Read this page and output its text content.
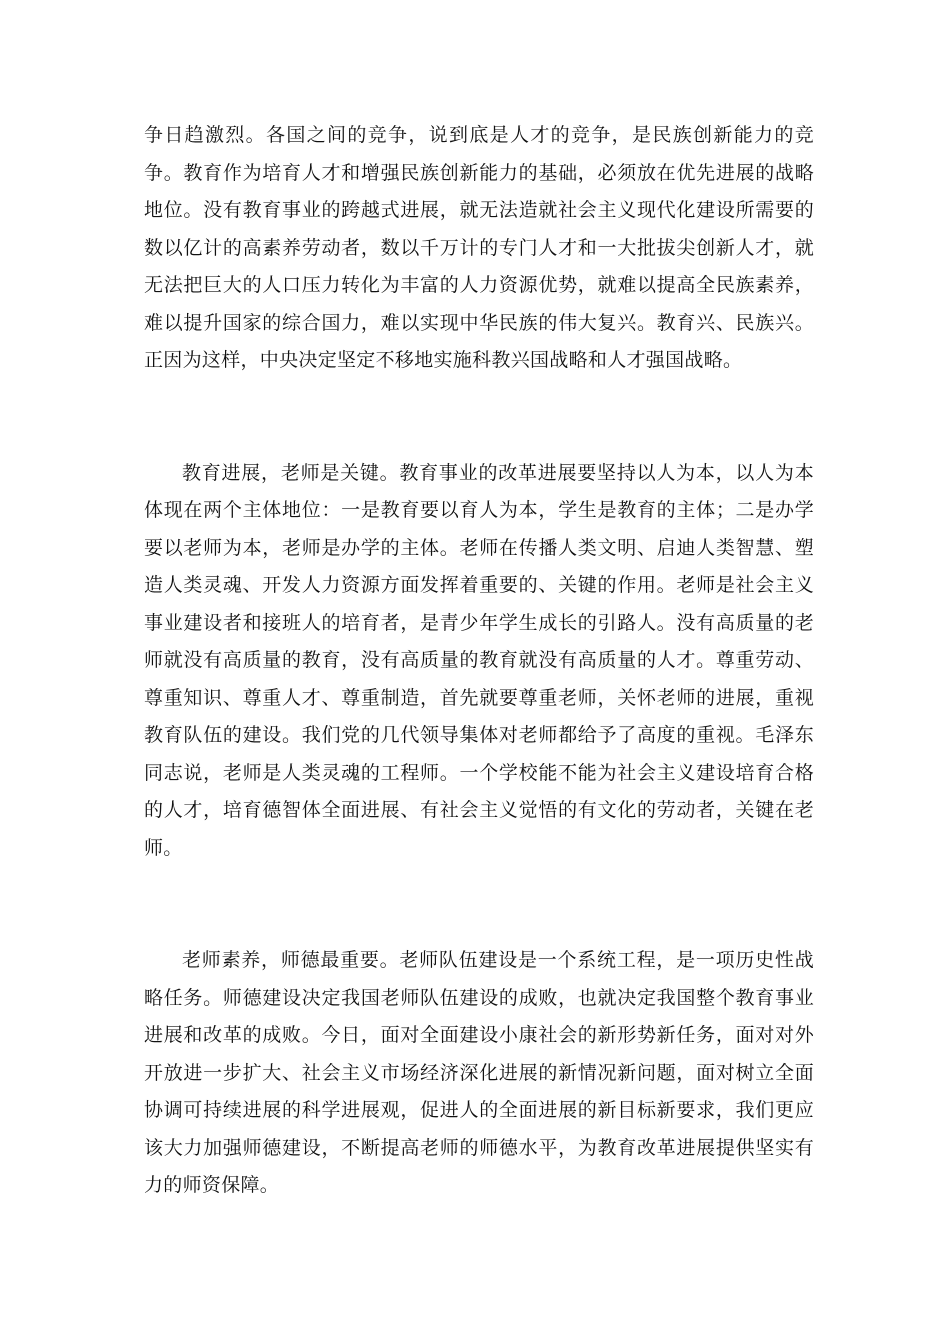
争日趋激烈。各国之间的竞争，说到底是人才的竞争，是民族创新能力的竞争。教育作为培育人才和增强民族创新能力的基础，必须放在优先进展的战略地位。没有教育事业的跨越式进展，就无法造就社会主义现代化建设所需要的数以亿计的高素养劳动者，数以千万计的专门人才和一大批拔尖创新人才，就无法把巨大的人口压力转化为丰富的人力资源优势，就难以提高全民族素养，难以提升国家的综合国力，难以实现中华民族的伟大复兴。教育兴、民族兴。正因为这样，中央决定坚定不移地实施科教兴国战略和人才强国战略。

教育进展，老师是关键。教育事业的改革进展要坚持以人为本，以人为本体现在两个主体地位：一是教育要以育人为本，学生是教育的主体；二是办学要以老师为本，老师是办学的主体。老师在传播人类文明、启迪人类智慧、塑造人类灵魂、开发人力资源方面发挥着重要的、关键的作用。老师是社会主义事业建设者和接班人的培育者，是青少年学生成长的引路人。没有高质量的老师就没有高质量的教育，没有高质量的教育就没有高质量的人才。尊重劳动、尊重知识、尊重人才、尊重制造，首先就要尊重老师，关怀老师的进展，重视教育队伍的建设。我们党的几代领导集体对老师都给予了高度的重视。毛泽东同志说，老师是人类灵魂的工程师。一个学校能不能为社会主义建设培育合格的人才，培育德智体全面进展、有社会主义觉悟的有文化的劳动者，关键在老师。

老师素养，师德最重要。老师队伍建设是一个系统工程，是一项历史性战略任务。师德建设决定我国老师队伍建设的成败，也就决定我国整个教育事业进展和改革的成败。今日，面对全面建设小康社会的新形势新任务，面对对外开放进一步扩大、社会主义市场经济深化进展的新情况新问题，面对树立全面协调可持续进展的科学进展观，促进人的全面进展的新目标新要求，我们更应该大力加强师德建设，不断提高老师的师德水平，为教育改革进展提供坚实有力的师资保障。
